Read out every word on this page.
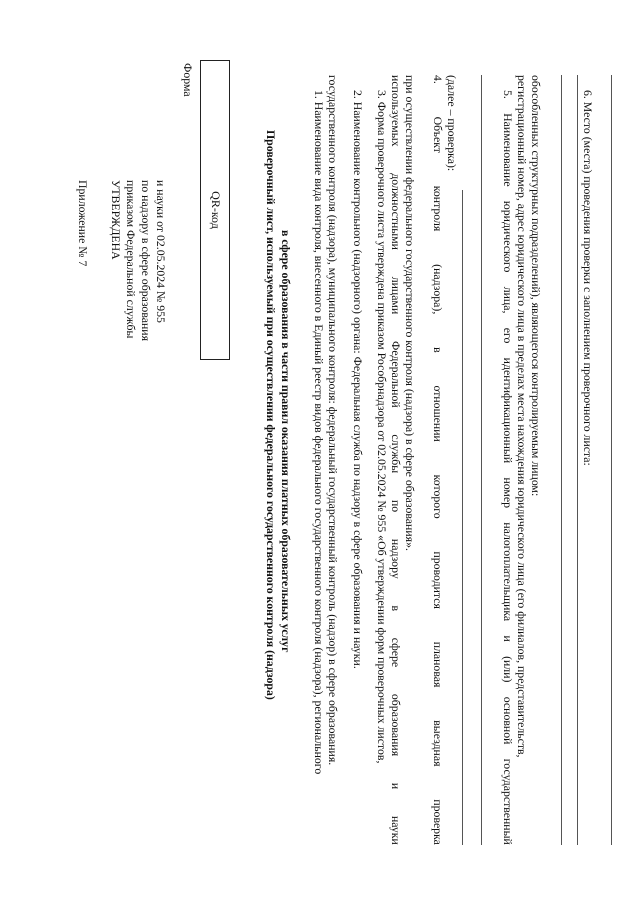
Приложение № 7 УТВЕРЖДЕНА приказом Федеральной службы по надзору в сфере образования и науки от 02.05.2024 № 955
Форма
QR-код	Проверочный лист, используемый при осуществлении федерального государственного контроля (надзора) в сфере образования в части правил оказания платных образовательных услуг 1. Наименование вида контроля, внесенного в Единый реестр видов федерального государственного контроля (надзора), регионального государственного контроля (надзора), муниципального контроля: федеральный государственный контроль (надзор) в сфере образования. 2. Наименование контрольного (надзорного) органа: Федеральная служба по надзору в сфере образования и науки. 3. Форма проверочного листа утверждена приказом Рособрнадзора от 02.05.2024 № 955 «Об утверждении форм проверочных листов, используемых
должностными
лицами
Федеральной
службы
по
надзору
в
сфере
образования
и
науки
при осуществлении федерального государственного контроля (надзора) в сфере образования». 4.
Объект
контроля
(надзора),
в
отношении
которого
проводится
плановая
выездная
проверка
(далее – проверка):	5.
Наименование
юридического
лица,
его
идентификационный
номер
налогоплательщика
и
(или)
основной
государственный
регистрационный номер, адрес юридического лица в пределах места нахождения юридического лица (его филиалов, представительств, обособленных структурных подразделений), являющегося контролируемым лицом:	6. Место (места) проведения проверки с заполнением проверочного листа:
